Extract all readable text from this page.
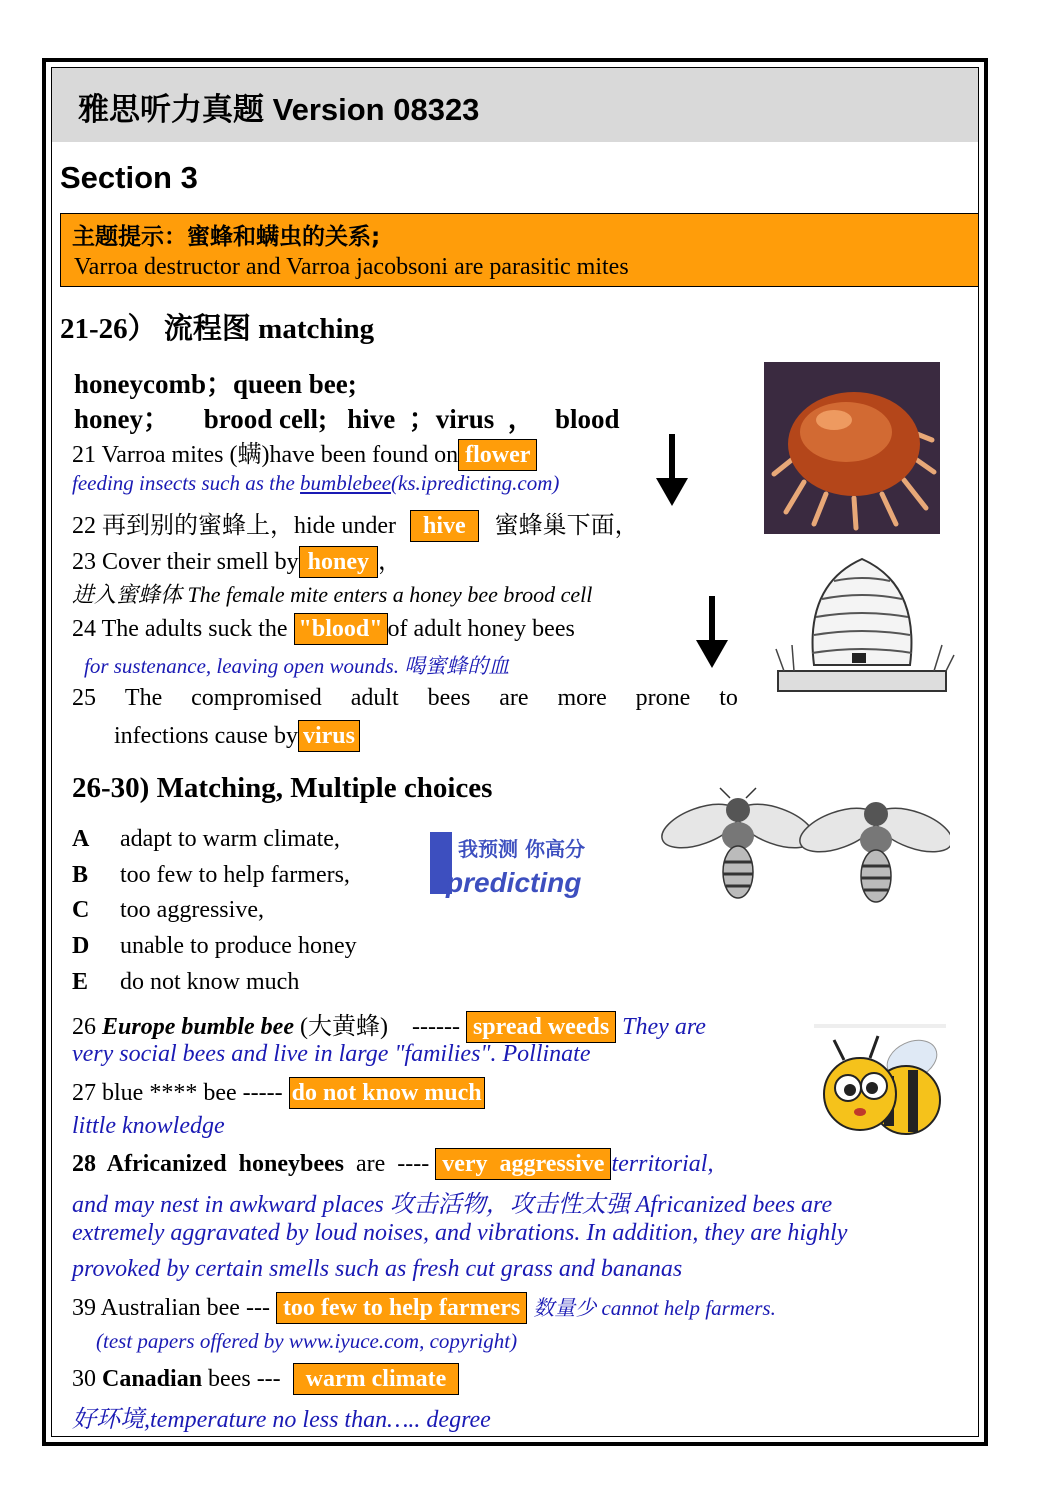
雅思听力真题 Version 08323
Section 3
主题提示：蜜蜂和螨虫的关系;
Varroa destructor and Varroa jacobsoni are parasitic mites
21-26） 流程图 matching
honeycomb；queen bee;
honey；     brood cell;   hive  ；virus  ，   blood
21 Varroa mites (螨)have been found on flower
feeding insects such as the bumblebee(ks.ipredicting.com)
22 再到别的蜜蜂上，hide under hive 蜜蜂巢下面，
23 Cover their smell by honey ，
进入蜜蜂体 The female mite enters a honey bee brood cell
24 The adults suck the "blood" of adult honey bees
for sustenance, leaving open wounds. 喝蜜蜂的血
25 The compromised adult bees are more prone to
infections cause by virus
26-30) Matching, Multiple choices
A adapt to warm climate,
B too few to help farmers,
C too aggressive,
D unable to produce honey
E do not know much
我预测 你高分
predicting
26 Europe bumble bee (大黄蜂)    ------ spread weeds They are
very social bees and live in large "families". Pollinate
27 blue **** bee ----- do not know much
little knowledge
28  Africanized  honeybees  are  ---- very  aggressive territorial,
and may nest in awkward places 攻击活物，攻击性太强 Africanized bees are
extremely aggravated by loud noises, and vibrations. In addition, they are highly
provoked by certain smells such as fresh cut grass and bananas
39 Australian bee --- too few to help farmers 数量少 cannot help farmers.
(test papers offered by www.iyuce.com, copyright)
30 Canadian bees ---  warm climate
好环境,temperature no less than….. degree
